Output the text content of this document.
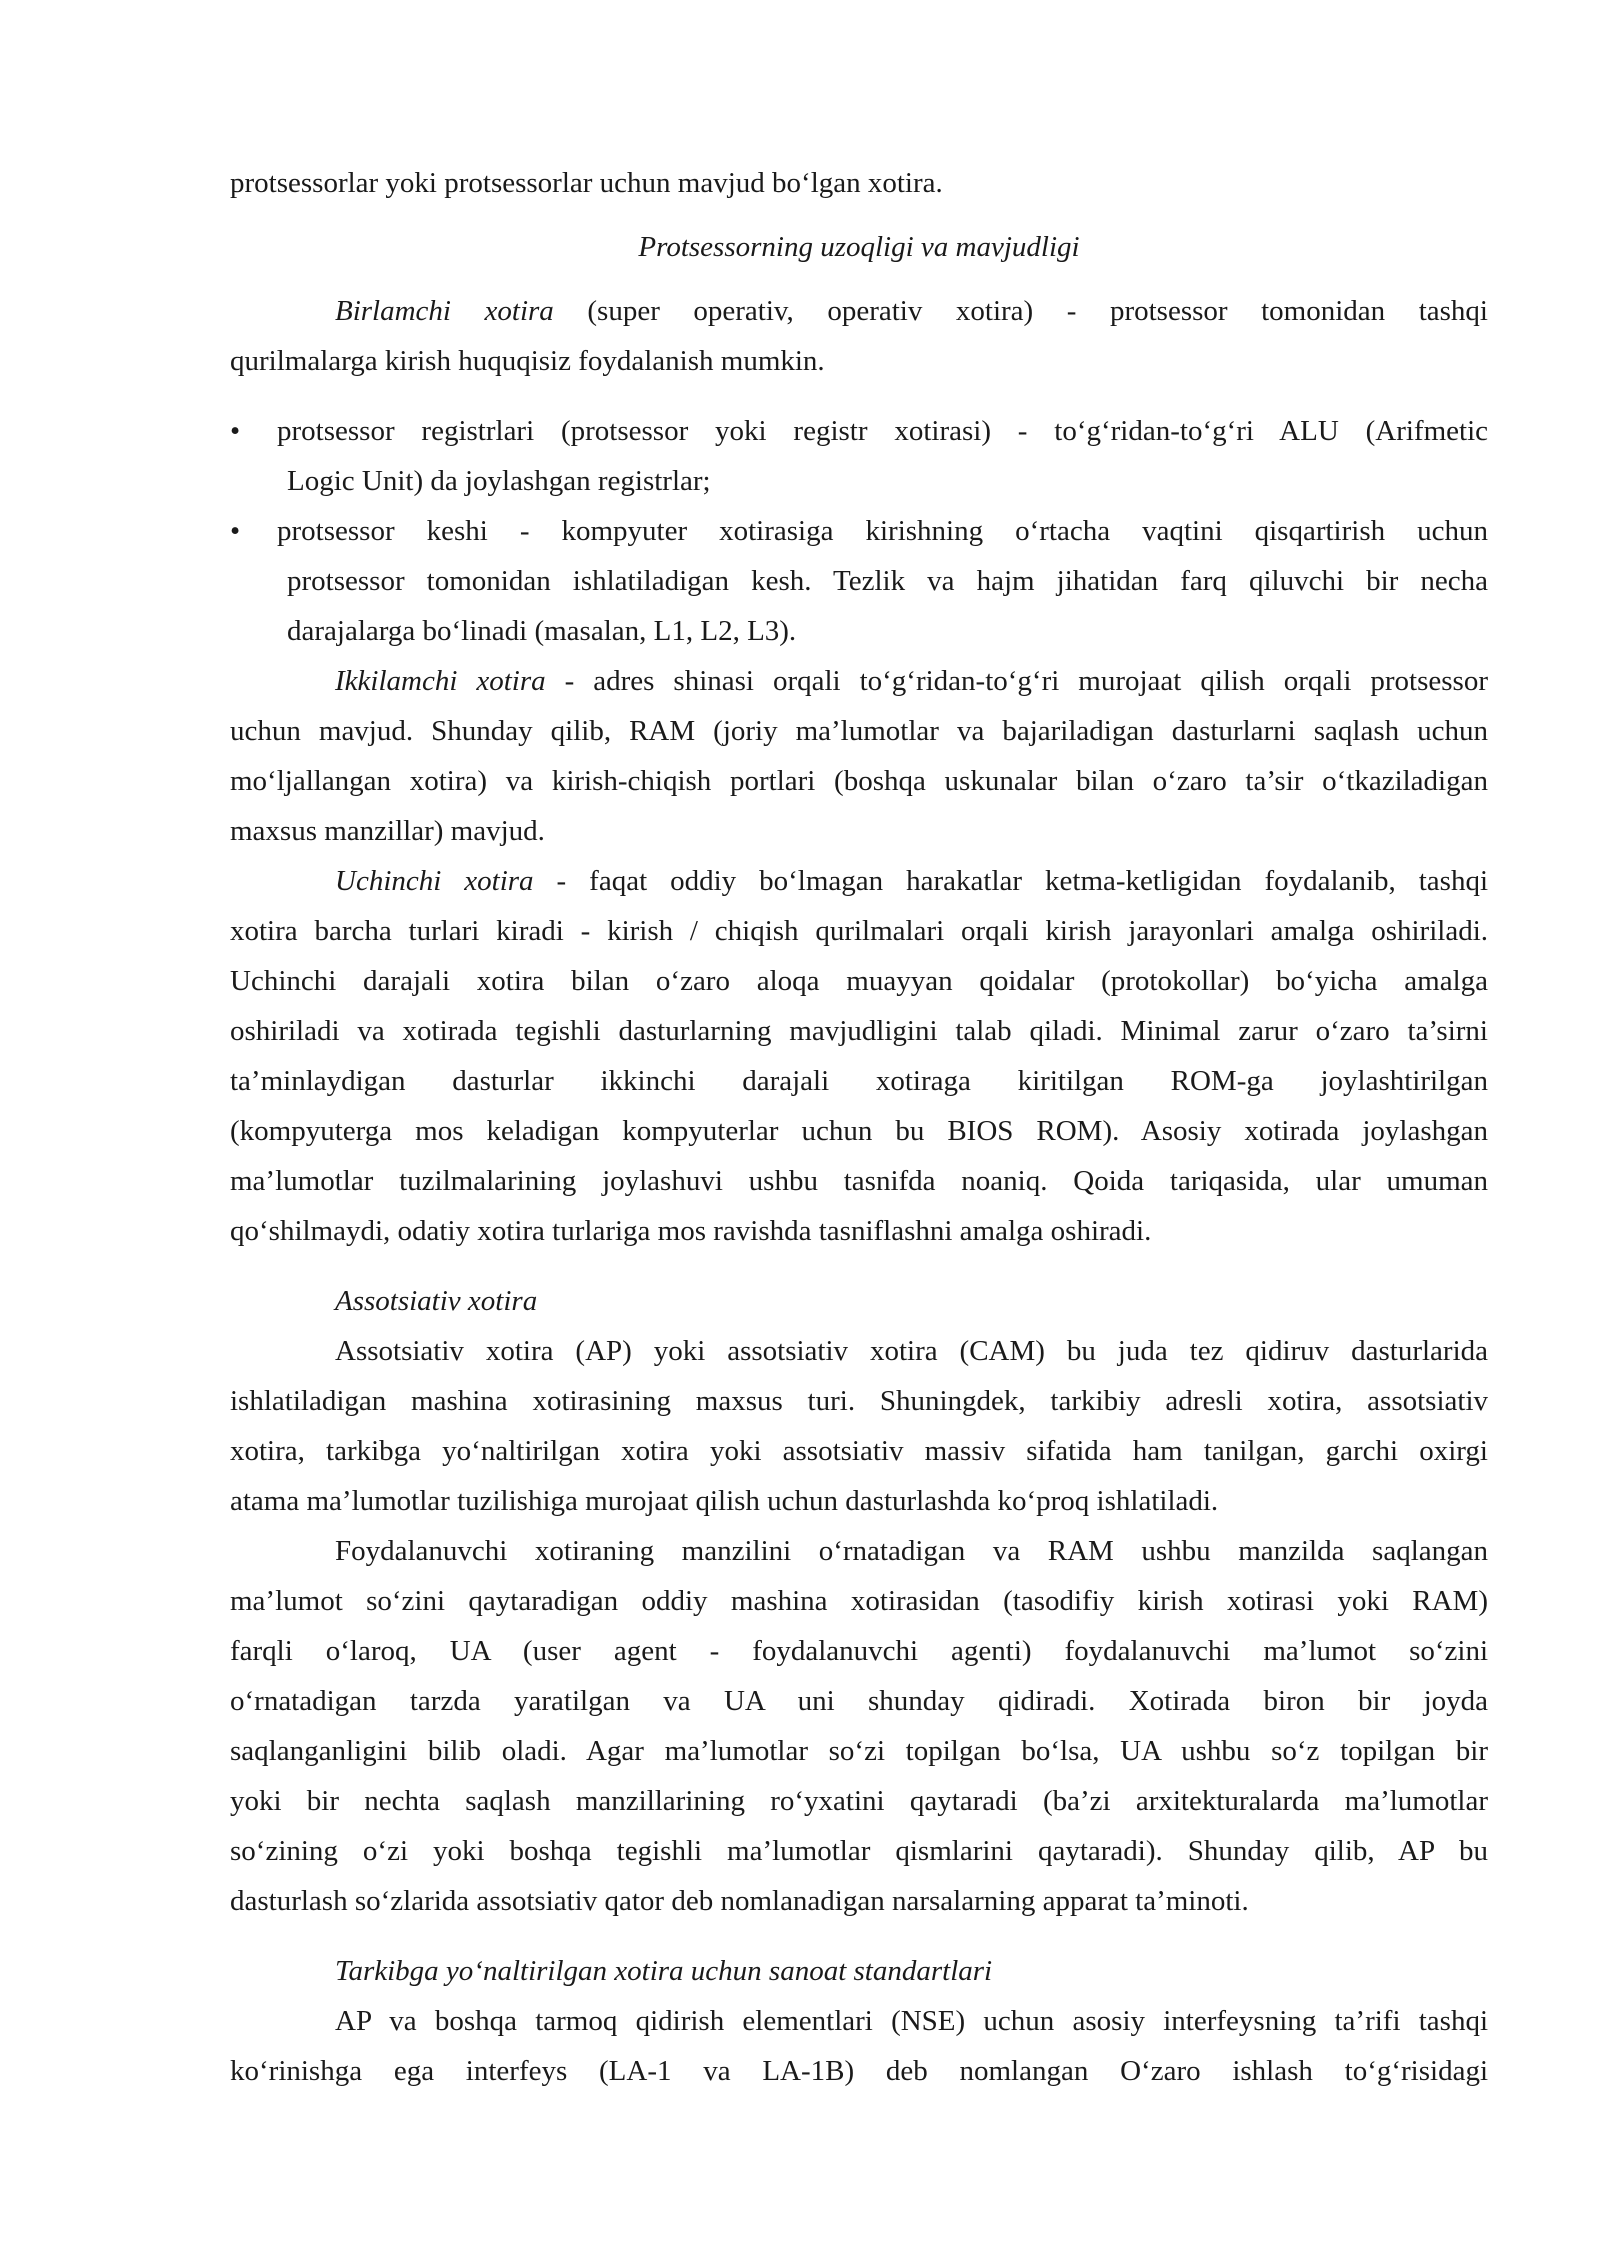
protsessorlar yoki protsessorlar uchun mavjud bo‘lgan xotira.
Protsessorning uzoqligi va mavjudligi
Birlamchi xotira (super operativ, operativ xotira) - protsessor tomonidan tashqi
qurilmalarga kirish huquqisiz foydalanish mumkin.
• protsessor registrlari (protsessor yoki registr xotirasi) - to‘g‘ridan-to‘g‘ri ALU (Arifmetic
Logic Unit) da joylashgan registrlar;
• protsessor keshi - kompyuter xotirasiga kirishning o‘rtacha vaqtini qisqartirish uchun
protsessor tomonidan ishlatiladigan kesh. Tezlik va hajm jihatidan farq qiluvchi bir necha
darajalarga bo‘linadi (masalan, L1, L2, L3).
Ikkilamchi xotira - adres shinasi orqali to‘g‘ridan-to‘g‘ri murojaat qilish orqali protsessor
uchun mavjud. Shunday qilib, RAM (joriy ma’lumotlar va bajariladigan dasturlarni saqlash uchun
mo‘ljallangan xotira) va kirish-chiqish portlari (boshqa uskunalar bilan o‘zaro ta’sir o‘tkaziladigan
maxsus manzillar) mavjud.
Uchinchi xotira - faqat oddiy bo‘lmagan harakatlar ketma-ketligidan foydalanib, tashqi
xotira barcha turlari kiradi - kirish / chiqish qurilmalari orqali kirish jarayonlari amalga oshiriladi.
Uchinchi darajali xotira bilan o‘zaro aloqa muayyan qoidalar (protokollar) bo‘yicha amalga
oshiriladi va xotirada tegishli dasturlarning mavjudligini talab qiladi. Minimal zarur o‘zaro ta’sirni
ta’minlaydigan dasturlar ikkinchi darajali xotiraga kiritilgan ROM-ga joylashtirilgan
(kompyuterga mos keladigan kompyuterlar uchun bu BIOS ROM). Asosiy xotirada joylashgan
ma’lumotlar tuzilmalarining joylashuvi ushbu tasnifda noaniq. Qoida tariqasida, ular umuman
qo‘shilmaydi, odatiy xotira turlariga mos ravishda tasniflashni amalga oshiradi.
Assotsiativ xotira
Assotsiativ xotira (AP) yoki assotsiativ xotira (CAM) bu juda tez qidiruv dasturlarida
ishlatiladigan mashina xotirasining maxsus turi. Shuningdek, tarkibiy adresli xotira, assotsiativ
xotira, tarkibga yo‘naltirilgan xotira yoki assotsiativ massiv sifatida ham tanilgan, garchi oxirgi
atama ma’lumotlar tuzilishiga murojaat qilish uchun dasturlashda ko‘proq ishlatiladi.
Foydalanuvchi xotiraning manzilini o‘rnatadigan va RAM ushbu manzilda saqlangan
ma’lumot so‘zini qaytaradigan oddiy mashina xotirasidan (tasodifiy kirish xotirasi yoki RAM)
farqli o‘laroq, UA (user agent - foydalanuvchi agenti) foydalanuvchi ma’lumot so‘zini
o‘rnatadigan tarzda yaratilgan va UA uni shunday qidiradi. Xotirada biron bir joyda
saqlanganligini bilib oladi. Agar ma’lumotlar so‘zi topilgan bo‘lsa, UA ushbu so‘z topilgan bir
yoki bir nechta saqlash manzillarining ro‘yxatini qaytaradi (ba’zi arxitekturalarda ma’lumotlar
so‘zining o‘zi yoki boshqa tegishli ma’lumotlar qismlarini qaytaradi). Shunday qilib, AP bu
dasturlash so‘zlarida assotsiativ qator deb nomlanadigan narsalarning apparat ta’minoti.
Tarkibga yo‘naltirilgan xotira uchun sanoat standartlari
AP va boshqa tarmoq qidirish elementlari (NSE) uchun asosiy interfeysning ta’rifi tashqi
ko‘rinishga ega interfeys (LA-1 va LA-1B) deb nomlangan O‘zaro ishlash to‘g‘risidagi
